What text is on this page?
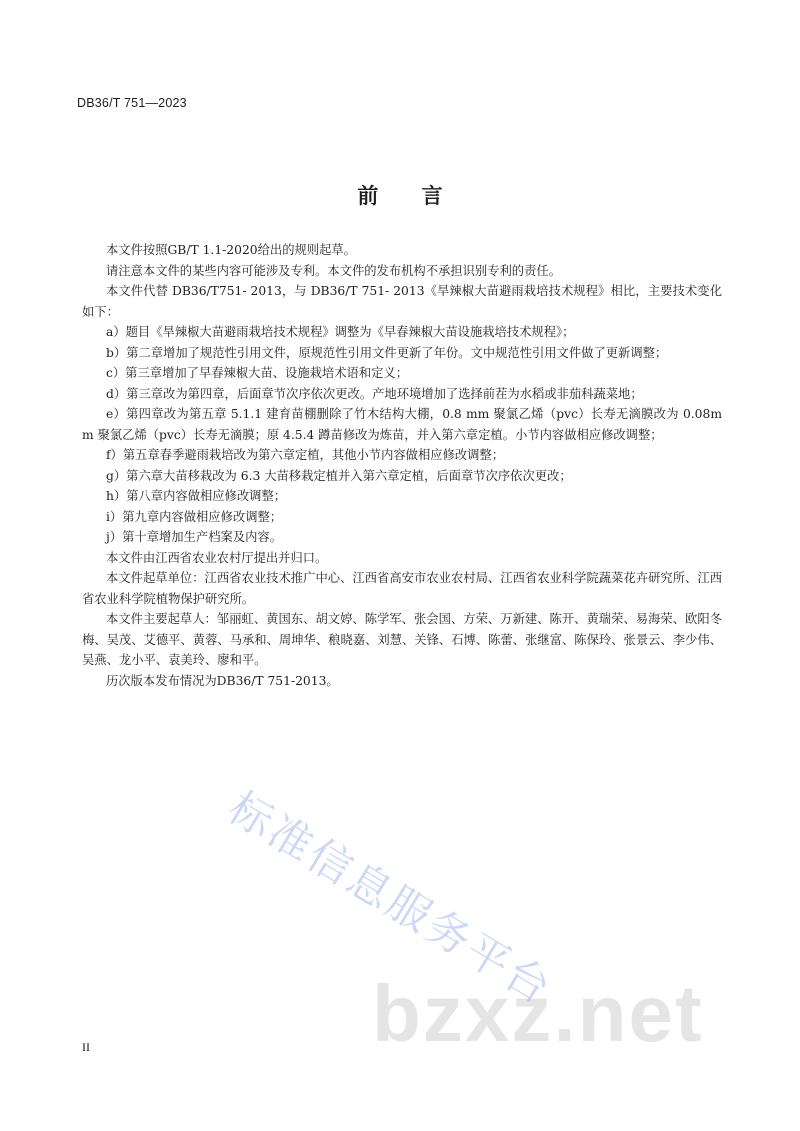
DB36/T 751—2023
前 言

本文件按照GB/T 1.1-2020给出的规则起草。

请注意本文件的某些内容可能涉及专利。本文件的发布机构不承担识别专利的责任。

本文件代替 DB36/T751- 2013，与 DB36/T 751- 2013《旱辣椒大苗避雨栽培技术规程》相比，主要技术变化如下：

a）题目《旱辣椒大苗避雨栽培技术规程》调整为《早春辣椒大苗设施栽培技术规程》；

b）第二章增加了规范性引用文件，原规范性引用文件更新了年份。文中规范性引用文件做了更新调整；

c）第三章增加了早春辣椒大苗、设施栽培术语和定义；

d）第三章改为第四章，后面章节次序依次更改。产地环境增加了选择前茬为水稻或非茄科蔬菜地；

e）第四章改为第五章 5.1.1 建育苗棚删除了竹木结构大棚，0.8 mm 聚氯乙烯（pvc）长寿无滴膜改为 0.08mm 聚氯乙烯（pvc）长寿无滴膜；原 4.5.4 蹲苗修改为炼苗，并入第六章定植。小节内容做相应修改调整；

f）第五章春季避雨栽培改为第六章定植，其他小节内容做相应修改调整；

g）第六章大苗移栽改为 6.3 大苗移栽定植并入第六章定植，后面章节次序依次更改；

h）第八章内容做相应修改调整；

i）第九章内容做相应修改调整；

j）第十章增加生产档案及内容。

本文件由江西省农业农村厅提出并归口。

本文件起草单位：江西省农业技术推广中心、江西省高安市农业农村局、江西省农业科学院蔬菜花卉研究所、江西省农业科学院植物保护研究所。

本文件主要起草人：邹丽虹、黄国东、胡文婷、陈学军、张会国、方荣、万新建、陈开、黄瑞荣、易海荣、欧阳冬梅、吴茂、艾德平、黄蓉、马承和、周坤华、稂晓嘉、刘慧、关锋、石博、陈蕾、张继富、陈保玲、张景云、李少伟、吴燕、龙小平、袁美玲、廖和平。

历次版本发布情况为DB36/T 751-2013。

II
标准信息服务平台
bzxz.net
